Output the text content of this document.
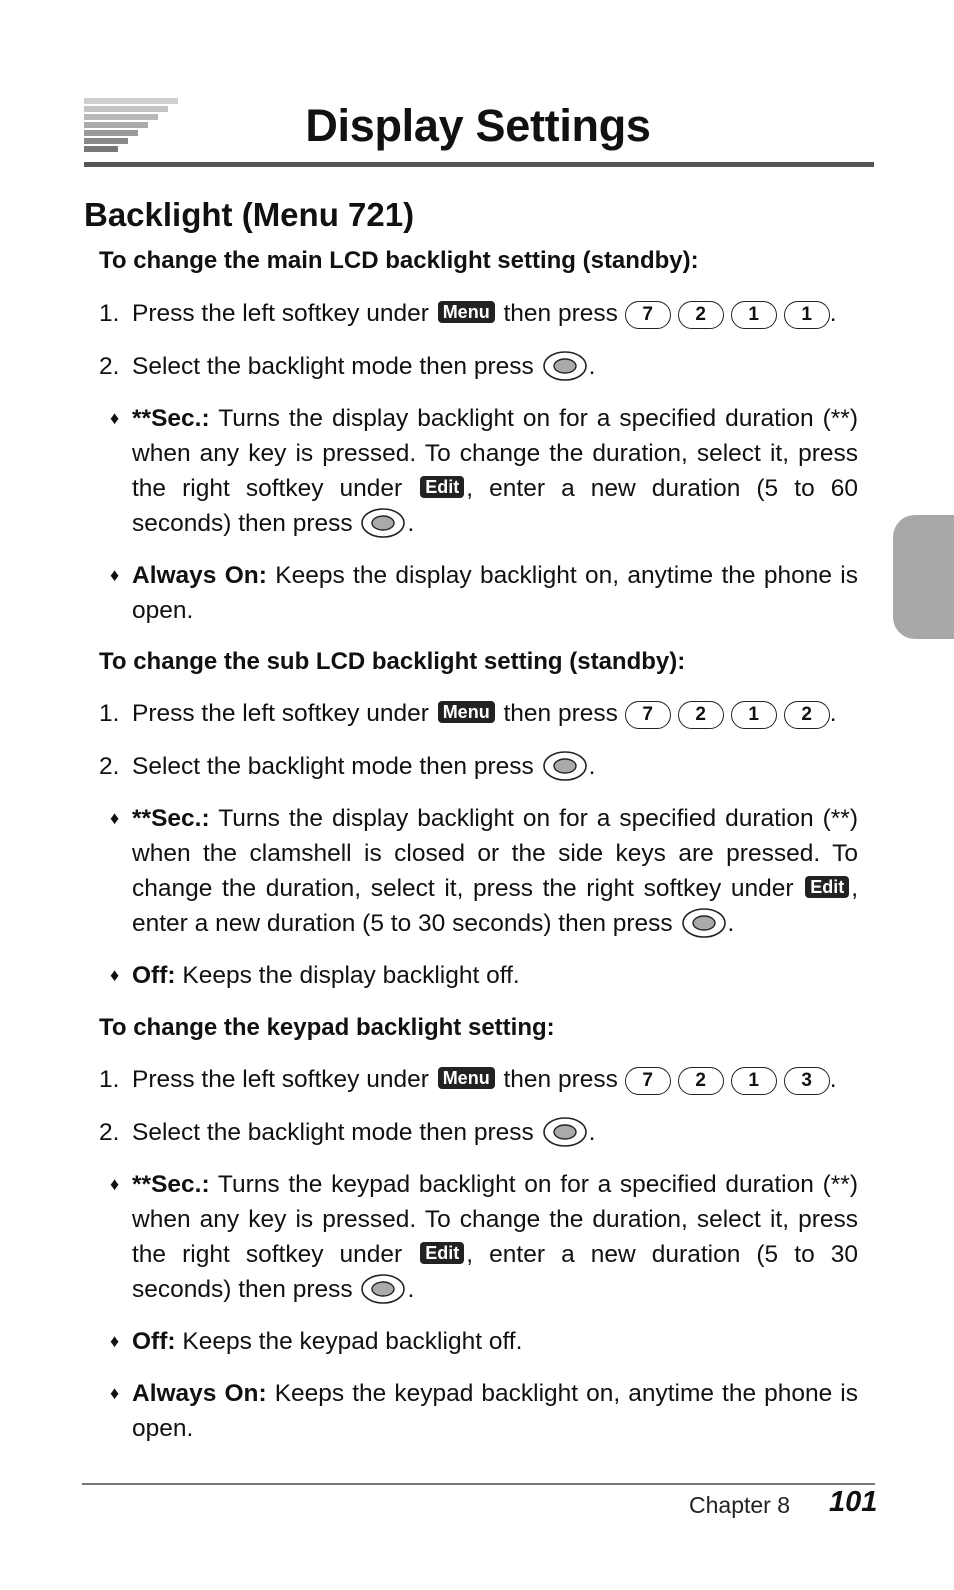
Display Settings
Backlight (Menu 721)
To change the main LCD backlight setting (standby):
1. Press the left softkey under Menu then press 7 2 1 1 .
2. Select the backlight mode then press .
♦ **Sec.: Turns the display backlight on for a specified duration (**) when any key is pressed. To change the duration, select it, press the right softkey under Edit , enter a new duration (5 to 60 seconds) then press .
♦ Always On: Keeps the display backlight on, anytime the phone is open.
To change the sub LCD backlight setting (standby):
1. Press the left softkey under Menu then press 7 2 1 2 .
2. Select the backlight mode then press .
♦ **Sec.: Turns the display backlight on for a specified duration (**) when the clamshell is closed or the side keys are pressed. To change the duration, select it, press the right softkey under Edit , enter a new duration (5 to 30 seconds) then press .
♦ Off: Keeps the display backlight off.
To change the keypad backlight setting:
1. Press the left softkey under Menu then press 7 2 1 3 .
2. Select the backlight mode then press .
♦ **Sec.: Turns the keypad backlight on for a specified duration (**) when any key is pressed. To change the duration, select it, press the right softkey under Edit , enter a new duration (5 to 30 seconds) then press .
♦ Off: Keeps the keypad backlight off.
♦ Always On: Keeps the keypad backlight on, anytime the phone is open.
Chapter 8 101
